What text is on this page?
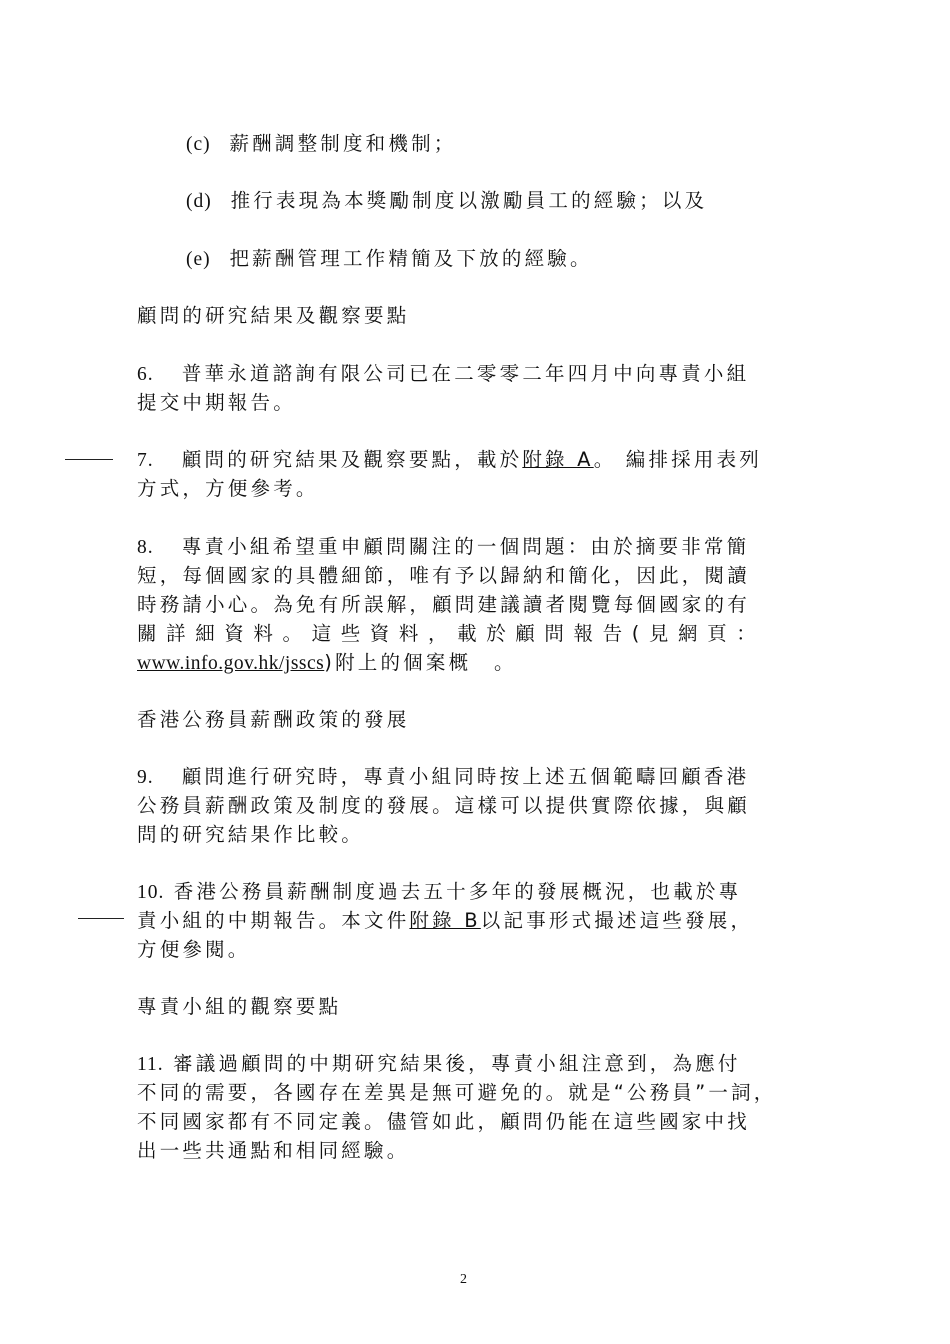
(c) 薪酬調整制度和機制；
(d) 推行表現為本獎勵制度以激勵員工的經驗；以及
(e) 把薪酬管理工作精簡及下放的經驗。
顧問的研究結果及觀察要點
6. 普華永道諮詢有限公司已在二零零二年四月中向專責小組
提交中期報告。
7. 顧問的研究結果及觀察要點，載於附錄 A。 編排採用表列
方式，方便參考。
8. 專責小組希望重申顧問關注的一個問題：由於摘要非常簡
短，每個國家的具體細節，唯有予以歸納和簡化，因此，閱讀
時務請小心。為免有所誤解，顧問建議讀者閱覽每個國家的有
關詳細資料。這些資料，載於顧問報告(見網頁：
www.info.gov.hk/jsscs)附上的個案概　。
香港公務員薪酬政策的發展
9. 顧問進行研究時，專責小組同時按上述五個範疇回顧香港
公務員薪酬政策及制度的發展。這樣可以提供實際依據，與顧
問的研究結果作比較。
10. 香港公務員薪酬制度過去五十多年的發展概況，也載於專
責小組的中期報告。本文件附錄 B以記事形式撮述這些發展，
方便參閱。
專責小組的觀察要點
11. 審議過顧問的中期研究結果後，專責小組注意到，為應付
不同的需要，各國存在差異是無可避免的。就是“公務員”一詞，
不同國家都有不同定義。儘管如此，顧問仍能在這些國家中找
出一些共通點和相同經驗。
2
